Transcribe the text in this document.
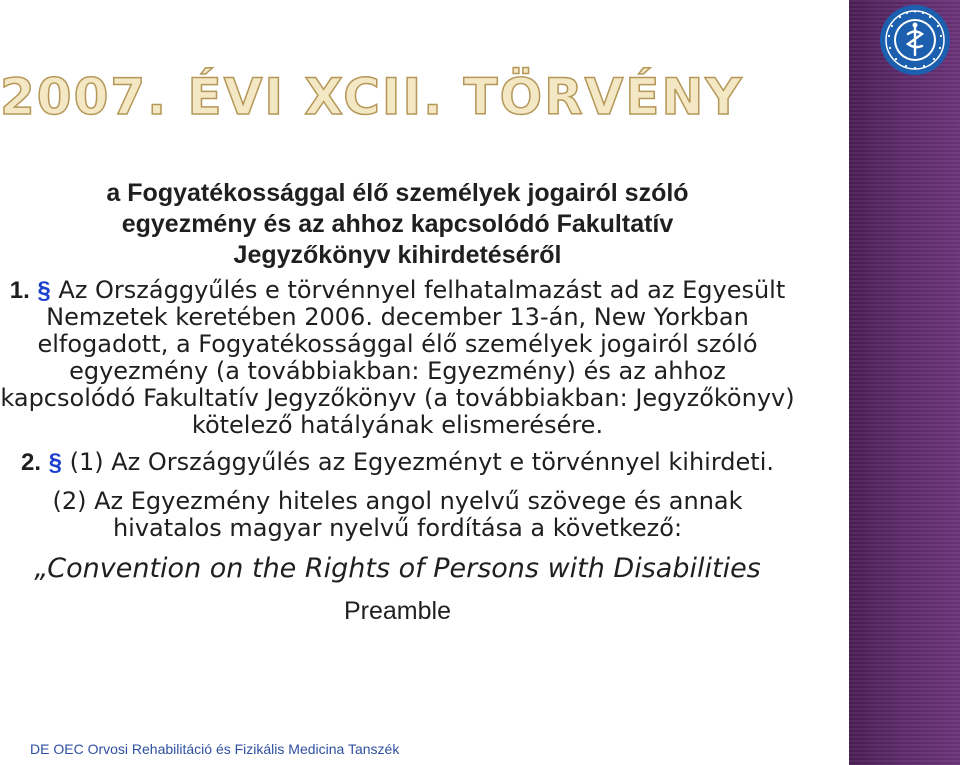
2007. ÉVI XCII. TÖRVÉNY

a Fogyatékossággal élő személyek jogairól szóló egyezmény és az ahhoz kapcsolódó Fakultatív Jegyzőkönyv kihirdetéséről

1. § Az Országgyűlés e törvénnyel felhatalmazást ad az Egyesült Nemzetek keretében 2006. december 13-án, New Yorkban elfogadott, a Fogyatékossággal élő személyek jogairól szóló egyezmény (a továbbiakban: Egyezmény) és az ahhoz kapcsolódó Fakultatív Jegyzőkönyv (a továbbiakban: Jegyzőkönyv) kötelező hatályának elismerésére.

2. § (1) Az Országgyűlés az Egyezményt e törvénnyel kihirdeti.

(2) Az Egyezmény hiteles angol nyelvű szövege és annak hivatalos magyar nyelvű fordítása a következő:

„Convention on the Rights of Persons with Disabilities

Preamble

DE OEC Orvosi Rehabilitáció és Fizikális Medicina Tanszék
